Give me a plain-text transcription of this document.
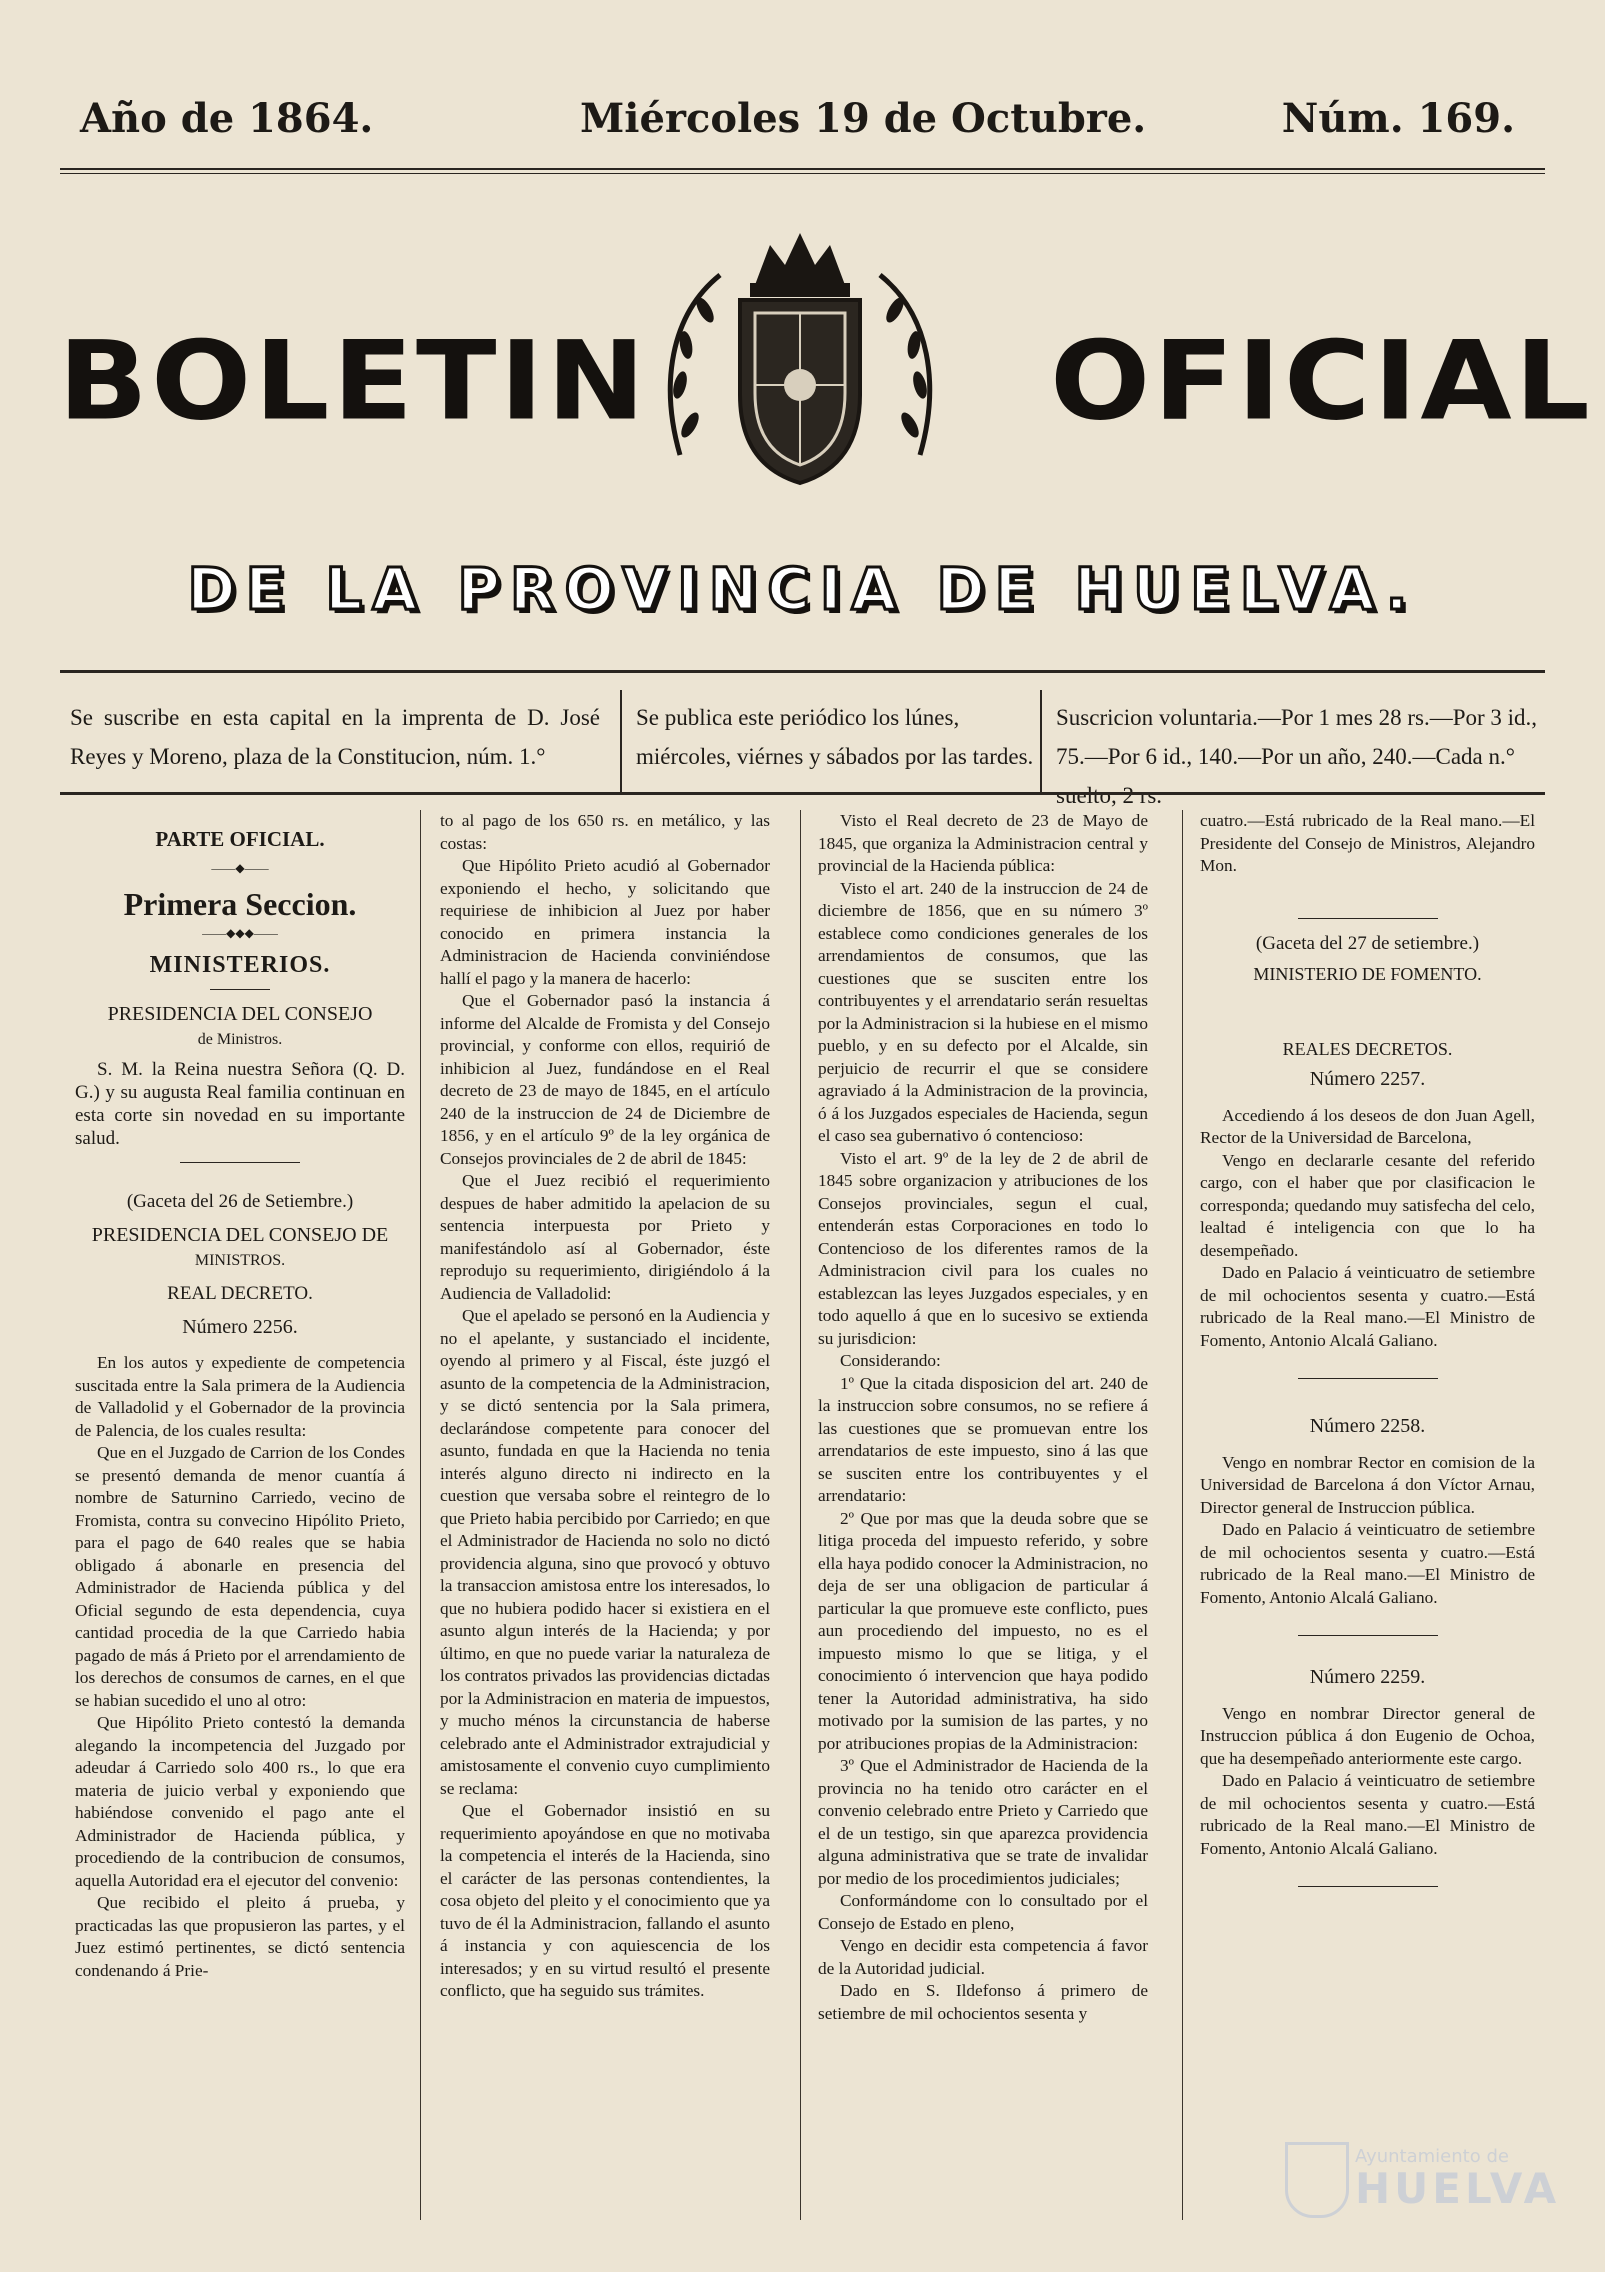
Año de 1864.	Miércoles 19 de Octubre.	Núm. 169.
BOLETIN	OFICIAL
DE LA PROVINCIA DE HUELVA.
Se suscribe en esta capital en la imprenta de D. José Reyes y Moreno, plaza de la Constitucion, núm. 1.°
Se publica este periódico los lúnes, miércoles, viérnes y sábados por las tardes.
Suscricion voluntaria.—Por 1 mes 28 rs.—Por 3 id., 75.—Por 6 id., 140.—Por un año, 240.—Cada n.° suelto, 2 rs.
PARTE OFICIAL.
——◆——
Primera Seccion.
——◆◆◆——
MINISTERIOS.
PRESIDENCIA DEL CONSEJO
de Ministros.

S. M. la Reina nuestra Señora (Q. D. G.) y su augusta Real familia continuan en esta corte sin novedad en su importante salud.

(Gaceta del 26 de Setiembre.)
PRESIDENCIA DEL CONSEJO DE
MINISTROS.
REAL DECRETO.
Número 2256.

En los autos y expediente de competencia suscitada entre la Sala primera de la Audiencia de Valladolid y el Gobernador de la provincia de Palencia, de los cuales resulta:

Que en el Juzgado de Carrion de los Condes se presentó demanda de menor cuantía á nombre de Saturnino Carriedo, vecino de Fromista, contra su convecino Hipólito Prieto, para el pago de 640 reales que se habia obligado á abonarle en presencia del Administrador de Hacienda pública y del Oficial segundo de esta dependencia, cuya cantidad procedia de la que Carriedo habia pagado de más á Prieto por el arrendamiento de los derechos de consumos de carnes, en el que se habian sucedido el uno al otro:

Que Hipólito Prieto contestó la demanda alegando la incompetencia del Juzgado por adeudar á Carriedo solo 400 rs., lo que era materia de juicio verbal y exponiendo que habiéndose convenido el pago ante el Administrador de Hacienda pública, y procediendo de la contribucion de consumos, aquella Autoridad era el ejecutor del convenio:

Que recibido el pleito á prueba, y practicadas las que propusieron las partes, y el Juez estimó pertinentes, se dictó sentencia condenando á Prie-

to al pago de los 650 rs. en metálico, y las costas:

Que Hipólito Prieto acudió al Gobernador exponiendo el hecho, y solicitando que requiriese de inhibicion al Juez por haber conocido en primera instancia la Administracion de Hacienda conviniéndose hallí el pago y la manera de hacerlo:

Que el Gobernador pasó la instancia á informe del Alcalde de Fromista y del Consejo provincial, y conforme con ellos, requirió de inhibicion al Juez, fundándose en el Real decreto de 23 de mayo de 1845, en el artículo 240 de la instruccion de 24 de Diciembre de 1856, y en el artículo 9º de la ley orgánica de Consejos provinciales de 2 de abril de 1845:

Que el Juez recibió el requerimiento despues de haber admitido la apelacion de su sentencia interpuesta por Prieto y manifestándolo así al Gobernador, éste reprodujo su requerimiento, dirigiéndolo á la Audiencia de Valladolid:

Que el apelado se personó en la Audiencia y no el apelante, y sustanciado el incidente, oyendo al primero y al Fiscal, éste juzgó el asunto de la competencia de la Administracion, y se dictó sentencia por la Sala primera, declarándose competente para conocer del asunto, fundada en que la Hacienda no tenia interés alguno directo ni indirecto en la cuestion que versaba sobre el reintegro de lo que Prieto habia percibido por Carriedo; en que el Administrador de Hacienda no solo no dictó providencia alguna, sino que provocó y obtuvo la transaccion amistosa entre los interesados, lo que no hubiera podido hacer si existiera en el asunto algun interés de la Hacienda; y por último, en que no puede variar la naturaleza de los contratos privados las providencias dictadas por la Administracion en materia de impuestos, y mucho ménos la circunstancia de haberse celebrado ante el Administrador extrajudicial y amistosamente el convenio cuyo cumplimiento se reclama:

Que el Gobernador insistió en su requerimiento apoyándose en que no motivaba la competencia el interés de la Hacienda, sino el carácter de las personas contendientes, la cosa objeto del pleito y el conocimiento que ya tuvo de él la Administracion, fallando el asunto á instancia y con aquiescencia de los interesados; y en su virtud resultó el presente conflicto, que ha seguido sus trámites.

Visto el Real decreto de 23 de Mayo de 1845, que organiza la Administracion central y provincial de la Hacienda pública:

Visto el art. 240 de la instruccion de 24 de diciembre de 1856, que en su número 3º establece como condiciones generales de los arrendamientos de consumos, que las cuestiones que se susciten entre los contribuyentes y el arrendatario serán resueltas por la Administracion si la hubiese en el mismo pueblo, y en su defecto por el Alcalde, sin perjuicio de recurrir el que se considere agraviado á la Administracion de la provincia, ó á los Juzgados especiales de Hacienda, segun el caso sea gubernativo ó contencioso:

Visto el art. 9º de la ley de 2 de abril de 1845 sobre organizacion y atribuciones de los Consejos provinciales, segun el cual, entenderán estas Corporaciones en todo lo Contencioso de los diferentes ramos de la Administracion civil para los cuales no establezcan las leyes Juzgados especiales, y en todo aquello á que en lo sucesivo se extienda su jurisdicion:

Considerando:

1º Que la citada disposicion del art. 240 de la instruccion sobre consumos, no se refiere á las cuestiones que se promuevan entre los arrendatarios de este impuesto, sino á las que se susciten entre los contribuyentes y el arrendatario:

2º Que por mas que la deuda sobre que se litiga proceda del impuesto referido, y sobre ella haya podido conocer la Administracion, no deja de ser una obligacion de particular á particular la que promueve este conflicto, pues aun procediendo del impuesto, no es el impuesto mismo lo que se litiga, y el conocimiento ó intervencion que haya podido tener la Autoridad administrativa, ha sido motivado por la sumision de las partes, y no por atribuciones propias de la Administracion:

3º Que el Administrador de Hacienda de la provincia no ha tenido otro carácter en el convenio celebrado entre Prieto y Carriedo que el de un testigo, sin que aparezca providencia alguna administrativa que se trate de invalidar por medio de los procedimientos judiciales;

Conformándome con lo consultado por el Consejo de Estado en pleno,

Vengo en decidir esta competencia á favor de la Autoridad judicial.

Dado en S. Ildefonso á primero de setiembre de mil ochocientos sesenta y

cuatro.—Está rubricado de la Real mano.—El Presidente del Consejo de Ministros, Alejandro Mon.

(Gaceta del 27 de setiembre.)
MINISTERIO DE FOMENTO.
REALES DECRETOS.
Número 2257.

Accediendo á los deseos de don Juan Agell, Rector de la Universidad de Barcelona,

Vengo en declararle cesante del referido cargo, con el haber que por clasificacion le corresponda; quedando muy satisfecha del celo, lealtad é inteligencia con que lo ha desempeñado.

Dado en Palacio á veinticuatro de setiembre de mil ochocientos sesenta y cuatro.—Está rubricado de la Real mano.—El Ministro de Fomento, Antonio Alcalá Galiano.

Número 2258.

Vengo en nombrar Rector en comision de la Universidad de Barcelona á don Víctor Arnau, Director general de Instruccion pública.

Dado en Palacio á veinticuatro de setiembre de mil ochocientos sesenta y cuatro.—Está rubricado de la Real mano.—El Ministro de Fomento, Antonio Alcalá Galiano.

Número 2259.

Vengo en nombrar Director general de Instruccion pública á don Eugenio de Ochoa, que ha desempeñado anteriormente este cargo.

Dado en Palacio á veinticuatro de setiembre de mil ochocientos sesenta y cuatro.—Está rubricado de la Real mano.—El Ministro de Fomento, Antonio Alcalá Galiano.

Ayuntamiento de
HUELVA
